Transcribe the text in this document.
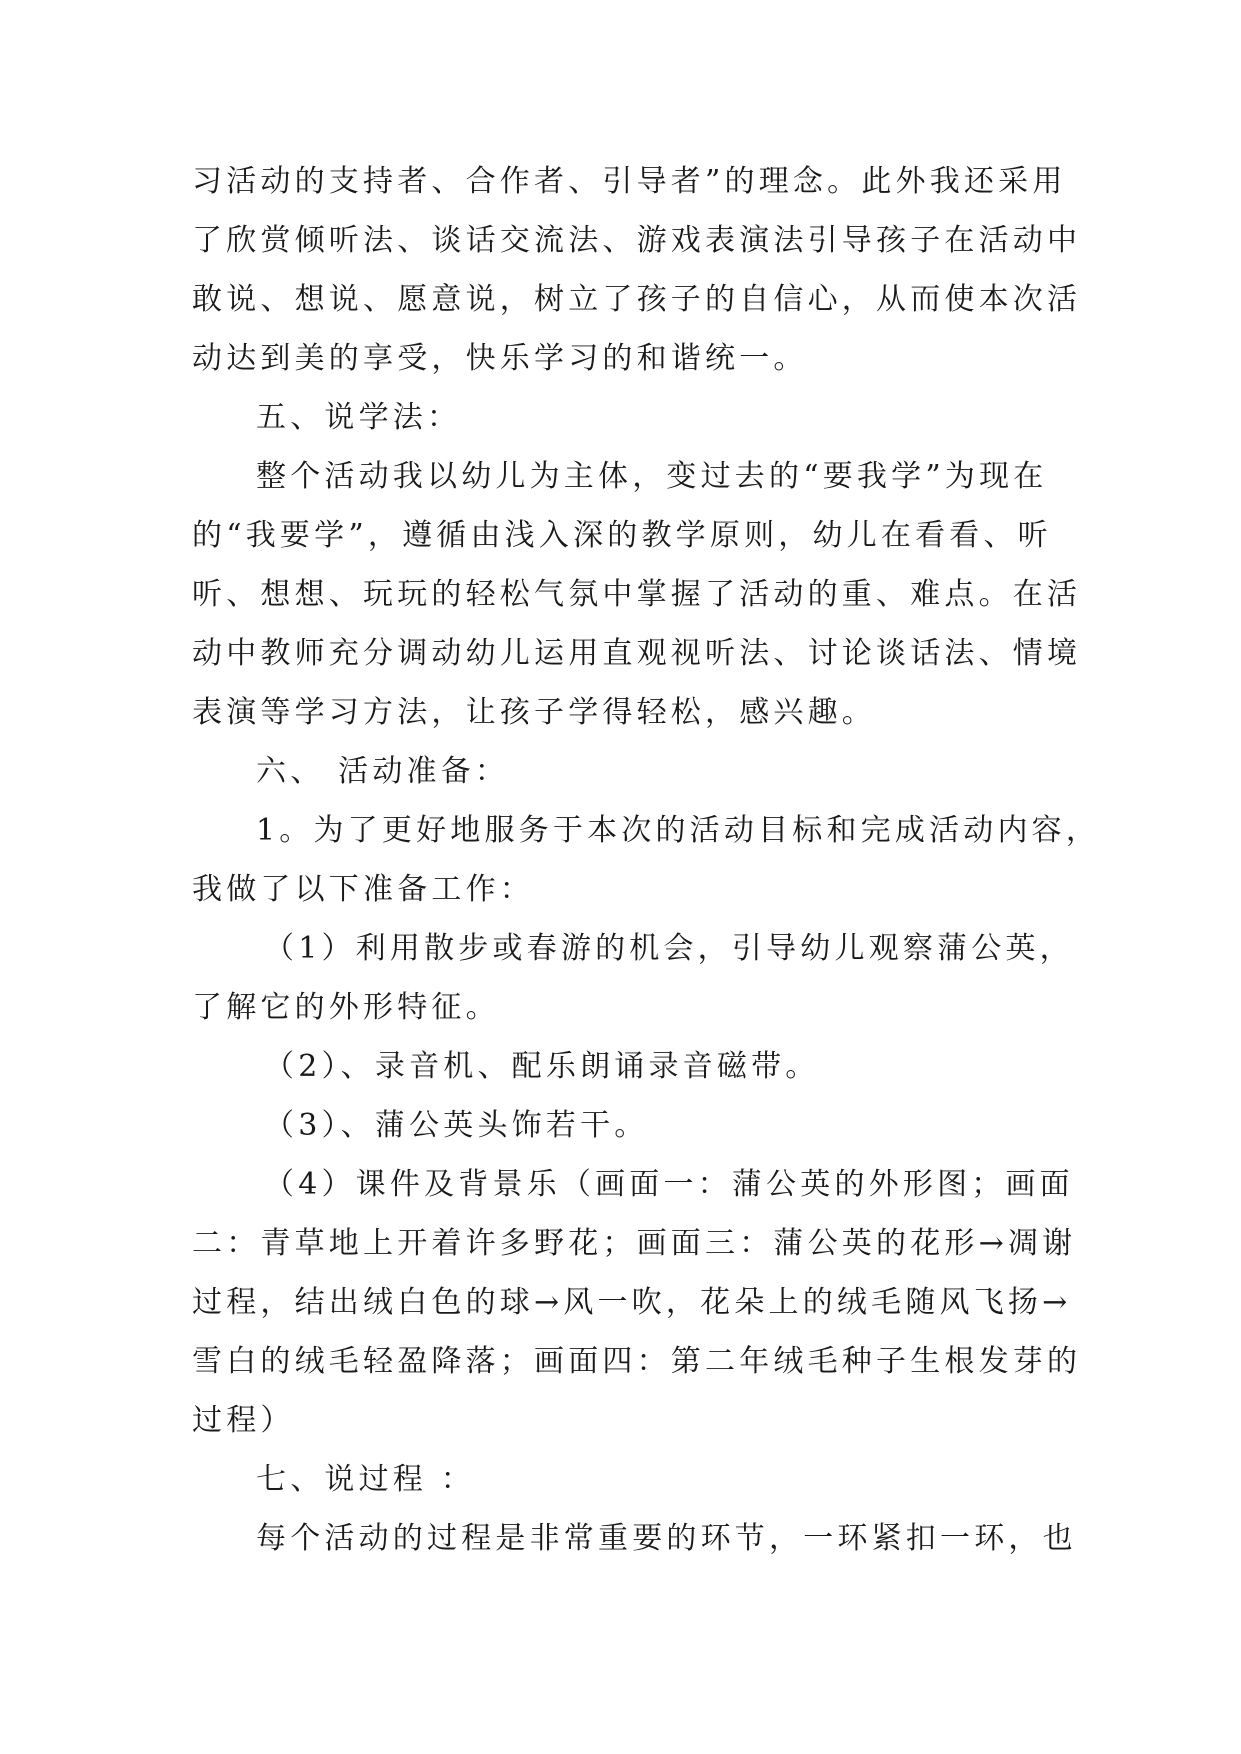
习活动的支持者、合作者、引导者”的理念。此外我还采用
了欣赏倾听法、谈话交流法、游戏表演法引导孩子在活动中
敢说、想说、愿意说，树立了孩子的自信心，从而使本次活
动达到美的享受，快乐学习的和谐统一。
五、说学法：
整个活动我以幼儿为主体，变过去的“要我学”为现在
的“我要学”，遵循由浅入深的教学原则，幼儿在看看、听
听、想想、玩玩的轻松气氛中掌握了活动的重、难点。在活
动中教师充分调动幼儿运用直观视听法、讨论谈话法、情境
表演等学习方法，让孩子学得轻松，感兴趣。
六、 活动准备：
1。为了更好地服务于本次的活动目标和完成活动内容，
我做了以下准备工作：
（1）利用散步或春游的机会，引导幼儿观察蒲公英，
了解它的外形特征。
（2）、录音机、配乐朗诵录音磁带。
（3）、蒲公英头饰若干。
（4）课件及背景乐（画面一：蒲公英的外形图；画面
二：青草地上开着许多野花；画面三：蒲公英的花形→凋谢
过程，结出绒白色的球→风一吹，花朵上的绒毛随风飞扬→
雪白的绒毛轻盈降落；画面四：第二年绒毛种子生根发芽的
过程）
七、说过程 ：
每个活动的过程是非常重要的环节，一环紧扣一环，也
